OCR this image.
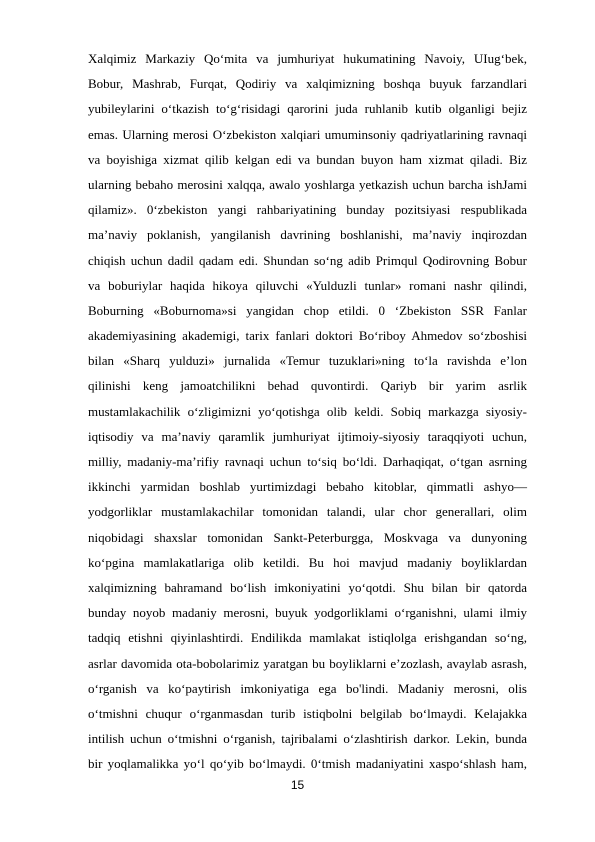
Xalqimiz Markaziy Qo‘mita va jumhuriyat hukumatining Navoiy, UIug‘bek,
Bobur, Mashrab, Furqat, Qodiriy va xalqimizning boshqa buyuk farzandlari
yubileylarini o‘tkazish to‘g‘risidagi qarorini juda ruhlanib kutib olganligi bejiz
emas. Ularning merosi O‘zbekiston xalqiari umuminsoniy qadriyatlarining ravnaqi
va boyishiga xizmat qilib kelgan edi va bundan buyon ham xizmat qiladi. Biz
ularning bebaho merosini xalqqa, awalo yoshlarga yetkazish uchun barcha ishJami
qilamiz». 0‘zbekiston yangi rahbariyatining bunday pozitsiyasi respublikada
ma’naviy poklanish, yangilanish davrining boshlanishi, ma’naviy inqirozdan
chiqish uchun dadil qadam edi. Shundan so‘ng adib Primqul Qodirovning Bobur
va boburiylar haqida hikoya qiluvchi «Yulduzli tunlar» romani nashr qilindi,
Boburning «Boburnoma»si yangidan chop etildi. 0 ‘Zbekiston SSR Fanlar
akademiyasining akademigi, tarix fanlari doktori Bo‘riboy Ahmedov so‘zboshisi
bilan «Sharq yulduzi» jurnalida «Temur tuzuklari»ning to‘la ravishda e’lon
qilinishi keng jamoatchilikni behad quvontirdi. Qariyb bir yarim asrlik
mustamlakachilik o‘zligimizni yo‘qotishga olib keldi. Sobiq markazga siyosiy-
iqtisodiy va ma’naviy qaramlik jumhuriyat ijtimoiy-siyosiy taraqqiyoti uchun,
milliy, madaniy-ma’rifiy ravnaqi uchun to‘siq bo‘ldi. Darhaqiqat, o‘tgan asrning
ikkinchi yarmidan boshlab yurtimizdagi bebaho kitoblar, qimmatli ashyo—
yodgorliklar mustamlakachilar tomonidan talandi, ular chor generallari, olim
niqobidagi shaxslar tomonidan Sankt-Peterburgga, Moskvaga va dunyoning
ko‘pgina mamlakatlariga olib ketildi. Bu hoi mavjud madaniy boyliklardan
xalqimizning bahramand bo‘lish imkoniyatini yo‘qotdi. Shu bilan bir qatorda
bunday noyob madaniy merosni, buyuk yodgorliklami o‘rganishni, ulami ilmiy
tadqiq etishni qiyinlashtirdi. Endilikda mamlakat istiqlolga erishgandan so‘ng,
asrlar davomida ota-bobolarimiz yaratgan bu boyliklarni e’zozlash, avaylab asrash,
o‘rganish va ko‘paytirish imkoniyatiga ega bo'lindi. Madaniy merosni, olis
o‘tmishni chuqur o‘rganmasdan turib istiqbolni belgilab bo‘lmaydi. Kelajakka
intilish uchun o‘tmishni o‘rganish, tajribalami o‘zlashtirish darkor. Lekin, bunda
bir yoqlamalikka yo‘l qo‘yib bo‘lmaydi. 0‘tmish madaniyatini xaspo‘shlash ham,
15
